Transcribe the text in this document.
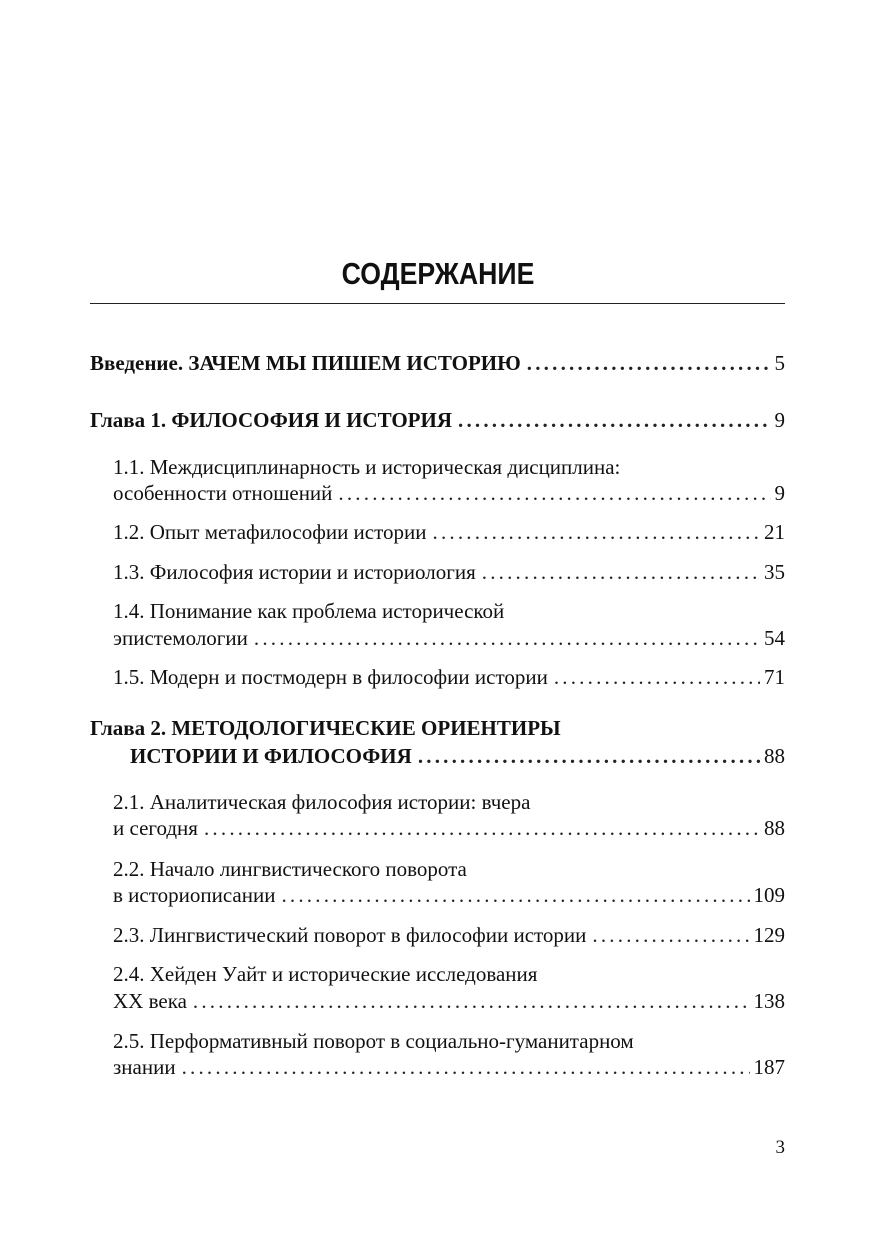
СОДЕРЖАНИЕ
Введение. ЗАЧЕМ МЫ ПИШЕМ ИСТОРИЮ .....	5
Глава 1. ФИЛОСОФИЯ И ИСТОРИЯ .....	9
1.1. Междисциплинарность и историческая дисциплина:
особенности отношений .....	9
1.2. Опыт метафилософии истории .....	21
1.3. Философия истории и историология .....	35
1.4. Понимание как проблема исторической
эпистемологии .....	54
1.5. Модерн и постмодерн в философии истории .....	71
Глава 2. МЕТОДОЛОГИЧЕСКИЕ ОРИЕНТИРЫ
ИСТОРИИ И ФИЛОСОФИЯ .....	88
2.1. Аналитическая философия истории: вчера
и сегодня .....	88
2.2. Начало лингвистического поворота
в историописании .....	109
2.3. Лингвистический поворот в философии истории .....	129
2.4. Хейден Уайт и исторические исследования
XX века .....	138
2.5. Перформативный поворот в социально-гуманитарном
знании .....	187
3
